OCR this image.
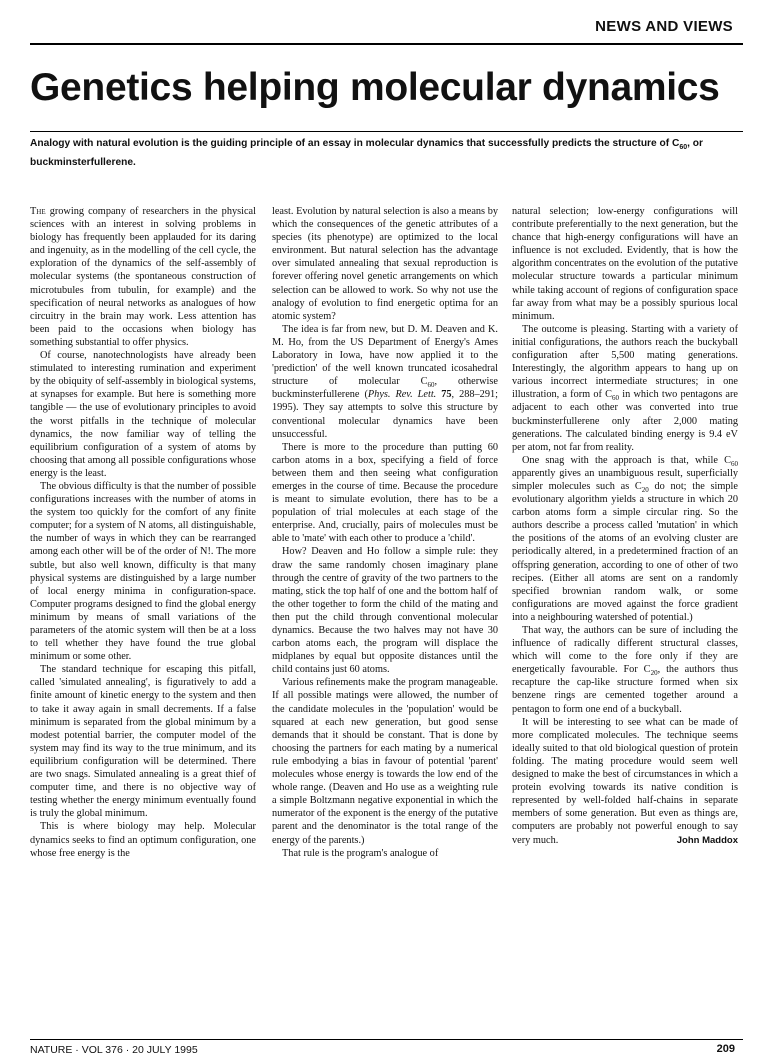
NEWS AND VIEWS
Genetics helping molecular dynamics
Analogy with natural evolution is the guiding principle of an essay in molecular dynamics that successfully predicts the structure of $C_{60}$, or buckminsterfullerene.

The growing company of researchers in the physical sciences with an interest in solving problems in biology has frequently been applauded for its daring and ingenuity, as in the modelling of the cell cycle, the exploration of the dynamics of the self-assembly of molecular systems (the spontaneous construction of microtubules from tubulin, for example) and the specification of neural networks as analogues of how circuitry in the brain may work. Less attention has been paid to the occasions when biology has something substantial to offer physics.

Of course, nanotechnologists have already been stimulated to interesting rumination and experiment by the obiquity of self-assembly in biological systems, at synapses for example. But here is something more tangible — the use of evolutionary principles to avoid the worst pitfalls in the technique of molecular dynamics, the now familiar way of telling the equilibrium configuration of a system of atoms by choosing that among all possible configurations whose energy is the least.

The obvious difficulty is that the number of possible configurations increases with the number of atoms in the system too quickly for the comfort of any finite computer; for a system of N atoms, all distinguishable, the number of ways in which they can be rearranged among each other will be of the order of N!. The more subtle, but also well known, difficulty is that many physical systems are distinguished by a large number of local energy minima in configuration-space. Computer programs designed to find the global energy minimum by means of small variations of the parameters of the atomic system will then be at a loss to tell whether they have found the true global minimum or some other.

The standard technique for escaping this pitfall, called 'simulated annealing', is figuratively to add a finite amount of kinetic energy to the system and then to take it away again in small decrements. If a false minimum is separated from the global minimum by a modest potential barrier, the computer model of the system may find its way to the true minimum, and its equilibrium configuration will be determined. There are two snags. Simulated annealing is a great thief of computer time, and there is no objective way of testing whether the energy minimum eventually found is truly the global minimum.

This is where biology may help. Molecular dynamics seeks to find an optimum configuration, one whose free energy is the

least. Evolution by natural selection is also a means by which the consequences of the genetic attributes of a species (its phenotype) are optimized to the local environment. But natural selection has the advantage over simulated annealing that sexual reproduction is forever offering novel genetic arrangements on which selection can be allowed to work. So why not use the analogy of evolution to find energetic optima for an atomic system?

The idea is far from new, but D. M. Deaven and K. M. Ho, from the US Department of Energy's Ames Laboratory in Iowa, have now applied it to the 'prediction' of the well known truncated icosahedral structure of molecular $C_{60}$, otherwise buckminsterfullerene (Phys. Rev. Lett. 75, 288–291; 1995). They say attempts to solve this structure by conventional molecular dynamics have been unsuccessful.

There is more to the procedure than putting 60 carbon atoms in a box, specifying a field of force between them and then seeing what configuration emerges in the course of time. Because the procedure is meant to simulate evolution, there has to be a population of trial molecules at each stage of the enterprise. And, crucially, pairs of molecules must be able to 'mate' with each other to produce a 'child'.

How? Deaven and Ho follow a simple rule: they draw the same randomly chosen imaginary plane through the centre of gravity of the two partners to the mating, stick the top half of one and the bottom half of the other together to form the child of the mating and then put the child through conventional molecular dynamics. Because the two halves may not have 30 carbon atoms each, the program will displace the midplanes by equal but opposite distances until the child contains just 60 atoms.

Various refinements make the program manageable. If all possible matings were allowed, the number of the candidate molecules in the 'population' would be squared at each new generation, but good sense demands that it should be constant. That is done by choosing the partners for each mating by a numerical rule embodying a bias in favour of potential 'parent' molecules whose energy is towards the low end of the whole range. (Deaven and Ho use as a weighting rule a simple Boltzmann negative exponential in which the numerator of the exponent is the energy of the putative parent and the denominator is the total range of the energy of the parents.)

That rule is the program's analogue of

natural selection; low-energy configurations will contribute preferentially to the next generation, but the chance that high-energy configurations will have an influence is not excluded. Evidently, that is how the algorithm concentrates on the evolution of the putative molecular structure towards a particular minimum while taking account of regions of configuration space far away from what may be a possibly spurious local minimum.

The outcome is pleasing. Starting with a variety of initial configurations, the authors reach the buckyball configuration after 5,500 mating generations. Interestingly, the algorithm appears to hang up on various incorrect intermediate structures; in one illustration, a form of $C_{60}$ in which two pentagons are adjacent to each other was converted into true buckminsterfullerene only after 2,000 mating generations. The calculated binding energy is 9.4 eV per atom, not far from reality.

One snag with the approach is that, while $C_{60}$ apparently gives an unambiguous result, superficially simpler molecules such as $C_{20}$ do not; the simple evolutionary algorithm yields a structure in which 20 carbon atoms form a simple circular ring. So the authors describe a process called 'mutation' in which the positions of the atoms of an evolving cluster are periodically altered, in a predetermined fraction of an offspring generation, according to one of other of two recipes. (Either all atoms are sent on a randomly specified brownian random walk, or some configurations are moved against the force gradient into a neighbouring watershed of potential.)

That way, the authors can be sure of including the influence of radically different structural classes, which will come to the fore only if they are energetically favourable. For $C_{20}$, the authors thus recapture the cap-like structure formed when six benzene rings are cemented together around a pentagon to form one end of a buckyball.

It will be interesting to see what can be made of more complicated molecules. The technique seems ideally suited to that old biological question of protein folding. The mating procedure would seem well designed to make the best of circumstances in which a protein evolving towards its native condition is represented by well-folded half-chains in separate members of some generation. But even as things are, computers are probably not powerful enough to say very much.	John Maddox

NATURE · VOL 376 · 20 JULY 1995	209
